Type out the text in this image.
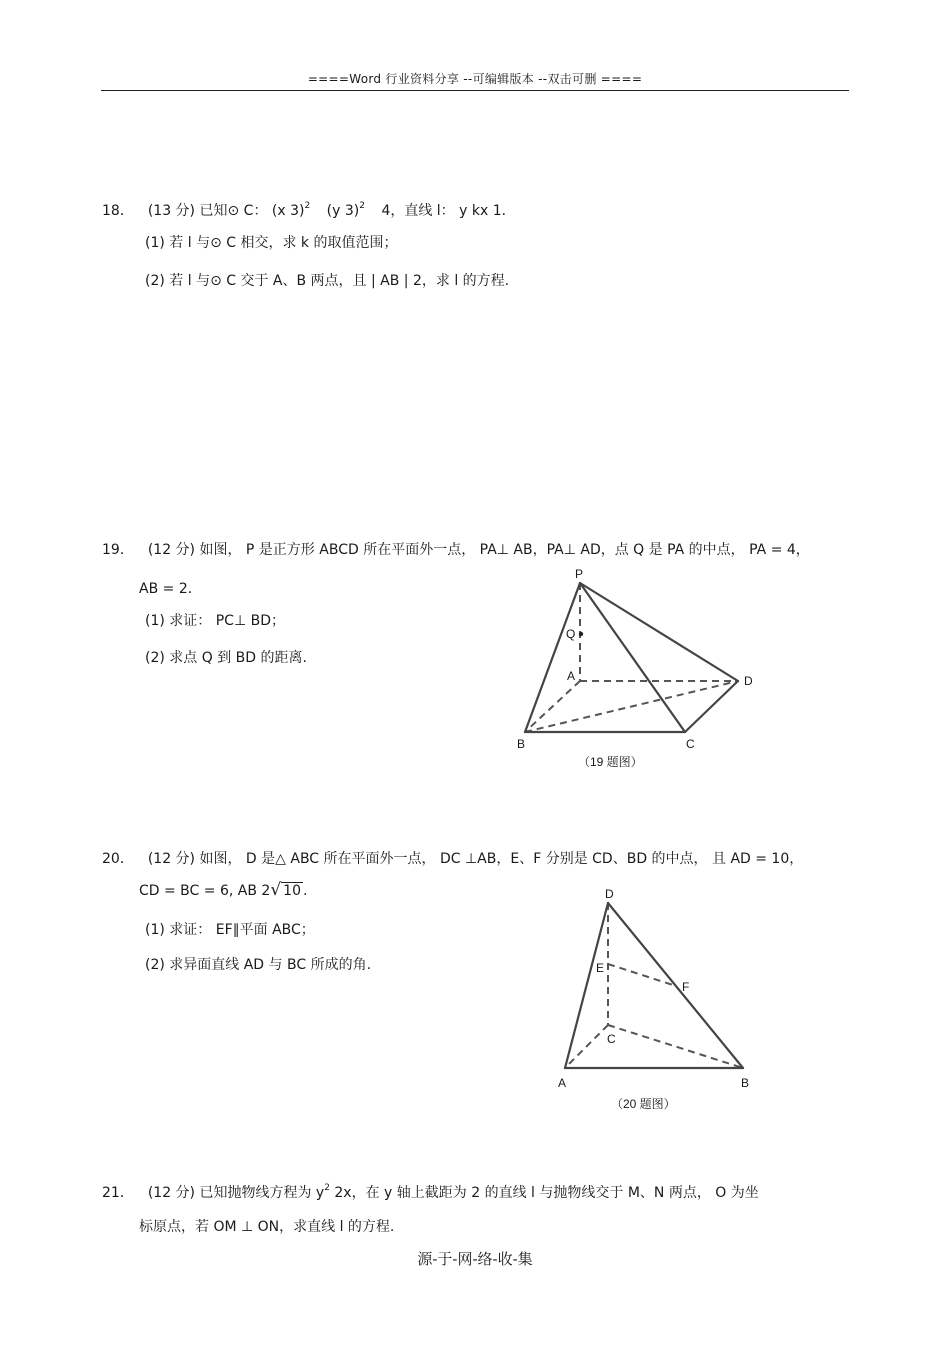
====Word 行业资料分享 --可编辑版本 --双击可删 ====
18． (13 分) 已知⊙ C： (x 3)$^2$ (y 3)$^2$ 4，直线 l： y kx 1．
(1) 若 l 与⊙ C 相交，求 k 的取值范围；
(2) 若 l 与⊙ C 交于 A、B 两点，且 | AB | 2，求 l 的方程.
19． (12 分) 如图， P 是正方形 ABCD 所在平面外一点， PA⊥ AB，PA⊥ AD，点 Q 是 PA 的中点， PA = 4，
AB = 2．
(1) 求证： PC⊥ BD；
(2) 求点 Q 到 BD 的距离.
P
Q
A	D
B	C
（19 题图）
20． (12 分) 如图， D 是△ ABC 所在平面外一点， DC ⊥AB，E、F 分别是 CD、BD 的中点， 且 AD = 10，
CD = BC = 6, AB 2√ 10 .
(1) 求证： EF∥平面 ABC；
(2) 求异面直线 AD 与 BC 所成的角.
D
E
F
C
A	B
（20 题图）
21． (12 分) 已知抛物线方程为 $y^2$ 2x，在 y 轴上截距为 2 的直线 l 与抛物线交于 M、N 两点， O 为坐
标原点，若 OM ⊥ ON，求直线 l 的方程.
源-于-网-络-收-集
